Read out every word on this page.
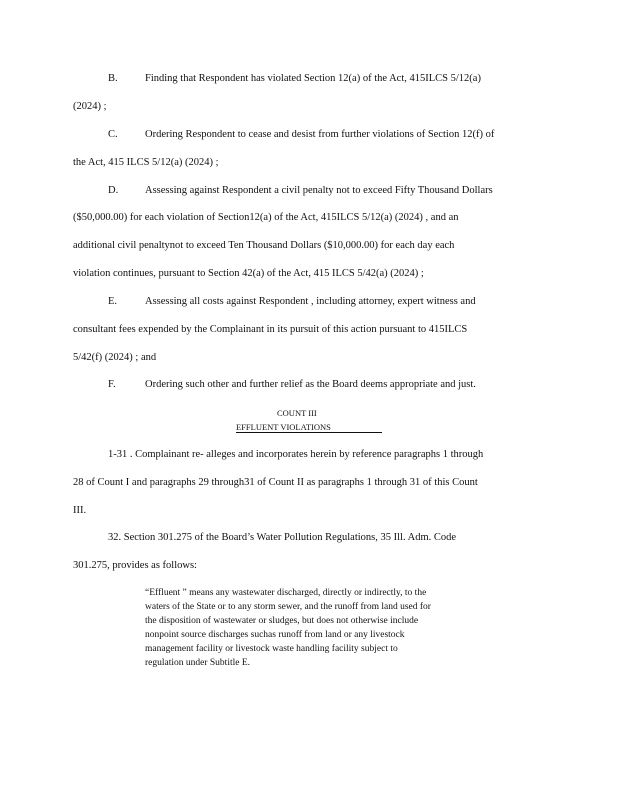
B.	Finding that Respondent has violated Section 12(a) of the Act, 415ILCS 5/12(a)
(2024) ;
C.	Ordering Respondent to cease and desist from further violations of Section 12(f) of
the Act, 415 ILCS 5/12(a) (2024) ;
D.	Assessing against Respondent a civil penalty not to exceed Fifty Thousand Dollars
($50,000.00) for each violation of Section12(a) of the Act, 415ILCS 5/12(a) (2024) , and an
additional civil penaltynot to exceed Ten Thousand Dollars ($10,000.00) for each day each
violation continues, pursuant to Section 42(a) of the Act, 415 ILCS 5/42(a) (2024) ;
E.	Assessing all costs against Respondent , including attorney, expert witness and
consultant fees expended by the Complainant in its pursuit of this action pursuant to 415ILCS
5/42(f) (2024) ; and
F.	Ordering such other and further relief as the Board deems appropriate and just.
COUNT III
EFFLUENT VIOLATIONS
1-31 . Complainant re- alleges and incorporates herein by reference paragraphs 1 through
28 of Count I and paragraphs 29 through31 of Count II as paragraphs 1 through 31 of this Count
III.
32. Section 301.275 of the Board’s Water Pollution Regulations, 35 Ill. Adm. Code
301.275, provides as follows:
“Effluent ” means any wastewater discharged, directly or indirectly, to the
waters of the State or to any storm sewer, and the runoff from land used for
the disposition of wastewater or sludges, but does not otherwise include
nonpoint source discharges suchas runoff from land or any livestock
management facility or livestock waste handling facility subject to
regulation under Subtitle E.
